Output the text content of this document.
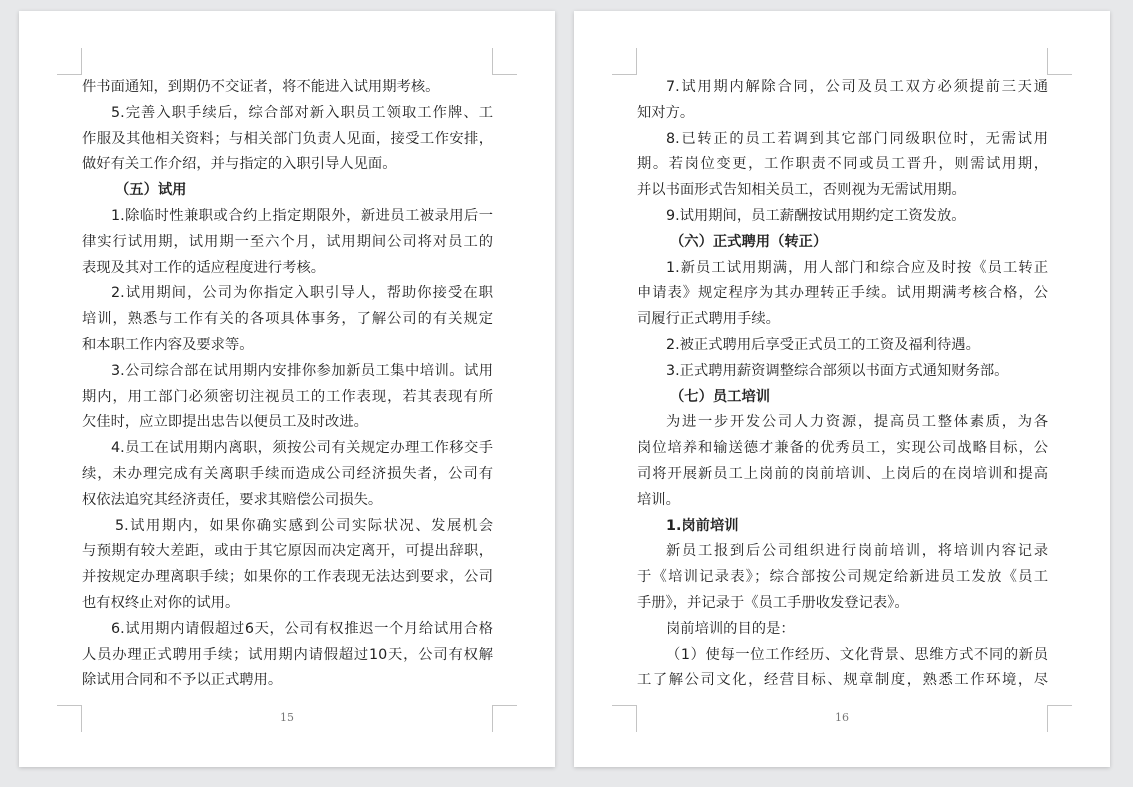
件书面通知，到期仍不交证者，将不能进入试用期考核。
5.完善入职手续后，综合部对新入职员工领取工作牌、工
作服及其他相关资料；与相关部门负责人见面，接受工作安排，
做好有关工作介绍，并与指定的入职引导人见面。
（五）试用
1.除临时性兼职或合约上指定期限外，新进员工被录用后一
律实行试用期，试用期一至六个月，试用期间公司将对员工的
表现及其对工作的适应程度进行考核。
2.试用期间，公司为你指定入职引导人，帮助你接受在职
培训，熟悉与工作有关的各项具体事务，了解公司的有关规定
和本职工作内容及要求等。
3.公司综合部在试用期内安排你参加新员工集中培训。试用
期内，用工部门必须密切注视员工的工作表现，若其表现有所
欠佳时，应立即提出忠告以便员工及时改进。
4.员工在试用期内离职，须按公司有关规定办理工作移交手
续，未办理完成有关离职手续而造成公司经济损失者，公司有
权依法追究其经济责任，要求其赔偿公司损失。
5.试用期内，如果你确实感到公司实际状况、发展机会
与预期有较大差距，或由于其它原因而决定离开，可提出辞职，
并按规定办理离职手续；如果你的工作表现无法达到要求，公司
也有权终止对你的试用。
6.试用期内请假超过6天，公司有权推迟一个月给试用合格
人员办理正式聘用手续；试用期内请假超过10天，公司有权解
除试用合同和不予以正式聘用。
15
7.试用期内解除合同，公司及员工双方必须提前三天通
知对方。
8.已转正的员工若调到其它部门同级职位时，无需试用
期。若岗位变更，工作职责不同或员工晋升，则需试用期，
并以书面形式告知相关员工，否则视为无需试用期。
9.试用期间，员工薪酬按试用期约定工资发放。
（六）正式聘用（转正）
1.新员工试用期满，用人部门和综合应及时按《员工转正
申请表》规定程序为其办理转正手续。试用期满考核合格，公
司履行正式聘用手续。
2.被正式聘用后享受正式员工的工资及福利待遇。
3.正式聘用薪资调整综合部须以书面方式通知财务部。
（七）员工培训
为进一步开发公司人力资源，提高员工整体素质，为各
岗位培养和输送德才兼备的优秀员工，实现公司战略目标，公
司将开展新员工上岗前的岗前培训、上岗后的在岗培训和提高
培训。
1.岗前培训
新员工报到后公司组织进行岗前培训，将培训内容记录
于《培训记录表》；综合部按公司规定给新进员工发放《员工
手册》，并记录于《员工手册收发登记表》。
岗前培训的目的是：
（1）使每一位工作经历、文化背景、思维方式不同的新员
工了解公司文化，经营目标、规章制度，熟悉工作环境，尽
16
